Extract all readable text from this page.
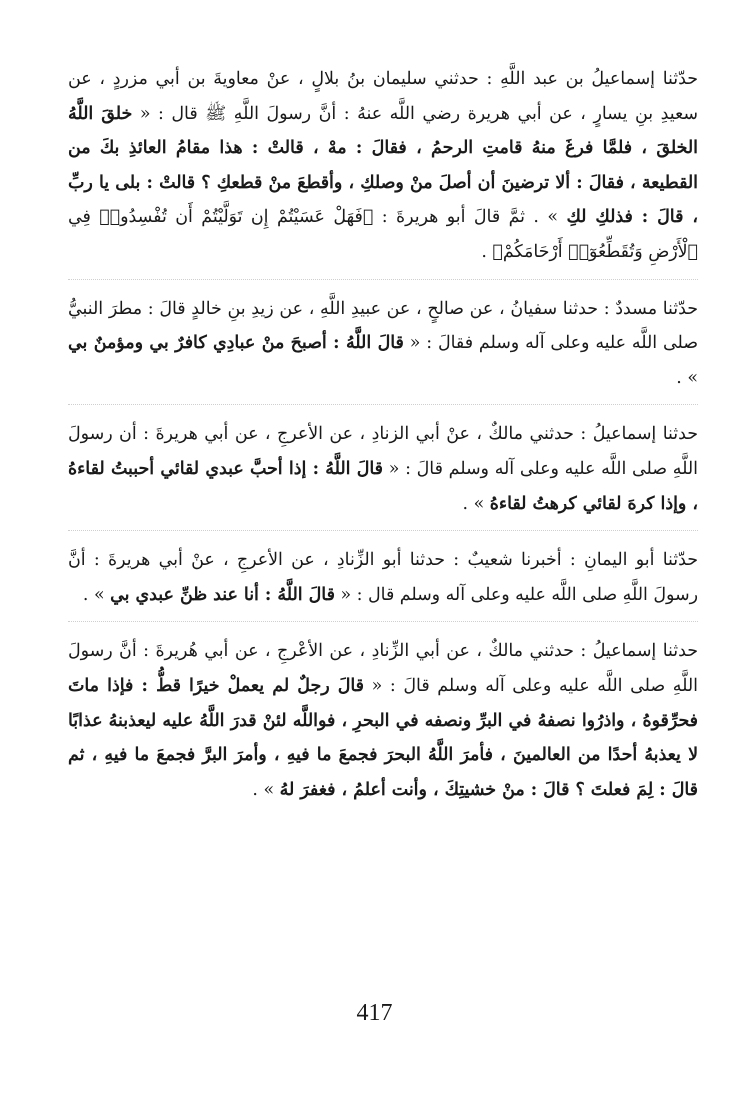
حدّثنا إسماعيلُ بن عبد اللَّهِ : حدثني سليمان بنُ بلالٍ ، عنْ معاويةَ بن أبي مزردٍ ، عن سعيدِ بنِ يسارٍ ، عن أبي هريرة رضي اللَّه عنهُ : أنَّ رسولَ اللَّهِ ﷺ قال : « خلقَ اللَّهُ الخلقَ ، فلمَّا فرغَ منهُ قامتِ الرحمُ ، فقالَ : مهْ ، قالتْ : هذا مقامُ العائذِ بكَ من القطيعة ، فقالَ : ألا ترضينَ أن أصلَ منْ وصلكِ ، وأقطعَ منْ قطعكِ ؟ قالتْ : بلى يا ربِّ ، قالَ : فذلكِ لكِ » . ثمَّ قالَ أبو هريرةَ : ﴿فَهَلْ عَسَيْتُمْ إِن تَوَلَّيْتُمْ أَن تُفْسِدُوا۟ فِي ٱلْأَرْضِ وَتُقَطِّعُوٓا۟ أَرْحَامَكُمْ﴾ .

حدّثنا مسددٌ : حدثنا سفيانُ ، عن صالحٍ ، عن عبيدِ اللَّهِ ، عن زيدِ بنِ خالدٍ قالَ : مطرَ النبيُّ صلى اللَّه عليه وعلى آله وسلم فقالَ : « قالَ اللَّهُ : أصبحَ منْ عبادِي كافرٌ بي ومؤمنٌ بي » .

حدثنا إسماعيلُ : حدثني مالكٌ ، عنْ أبي الزنادِ ، عن الأعرجِ ، عن أبي هريرةَ : أن رسولَ اللَّهِ صلى اللَّه عليه وعلى آله وسلم قالَ : « قالَ اللَّهُ : إذا أحبَّ عبدي لقائي أحببتُ لقاءهُ ، وإذا كرهَ لقائي كرهتُ لقاءهُ » .

حدّثنا أبو اليمانِ : أخبرنا شعيبٌ : حدثنا أبو الزِّنادِ ، عن الأعرجِ ، عنْ أبي هريرةَ : أنَّ رسولَ اللَّهِ صلى اللَّه عليه وعلى آله وسلم قال : « قالَ اللَّهُ : أنا عند ظنِّ عبدي بي » .

حدثنا إسماعيلُ : حدثني مالكٌ ، عن أبي الزِّنادِ ، عن الأعْرجِ ، عن أبي هُريرةَ : أنَّ رسولَ اللَّهِ صلى اللَّه عليه وعلى آله وسلم قالَ : « قالَ رجلٌ لم يعملْ خيرًا قطُّ : فإذا ماتَ فحرِّقوهُ ، واذرُوا نصفهُ في البرِّ ونصفه في البحرِ ، فواللَّه لئنْ قدرَ اللَّهُ عليه ليعذبنهُ عذابًا لا يعذبهُ أحدًا من العالمينَ ، فأمرَ اللَّهُ البحرَ فجمعَ ما فيهِ ، وأمرَ البرَّ فجمعَ ما فيهِ ، ثم قالَ : لِمَ فعلتَ ؟ قالَ : منْ خشيتِكَ ، وأنت أعلمُ ، فغفرَ لهُ » .

417
